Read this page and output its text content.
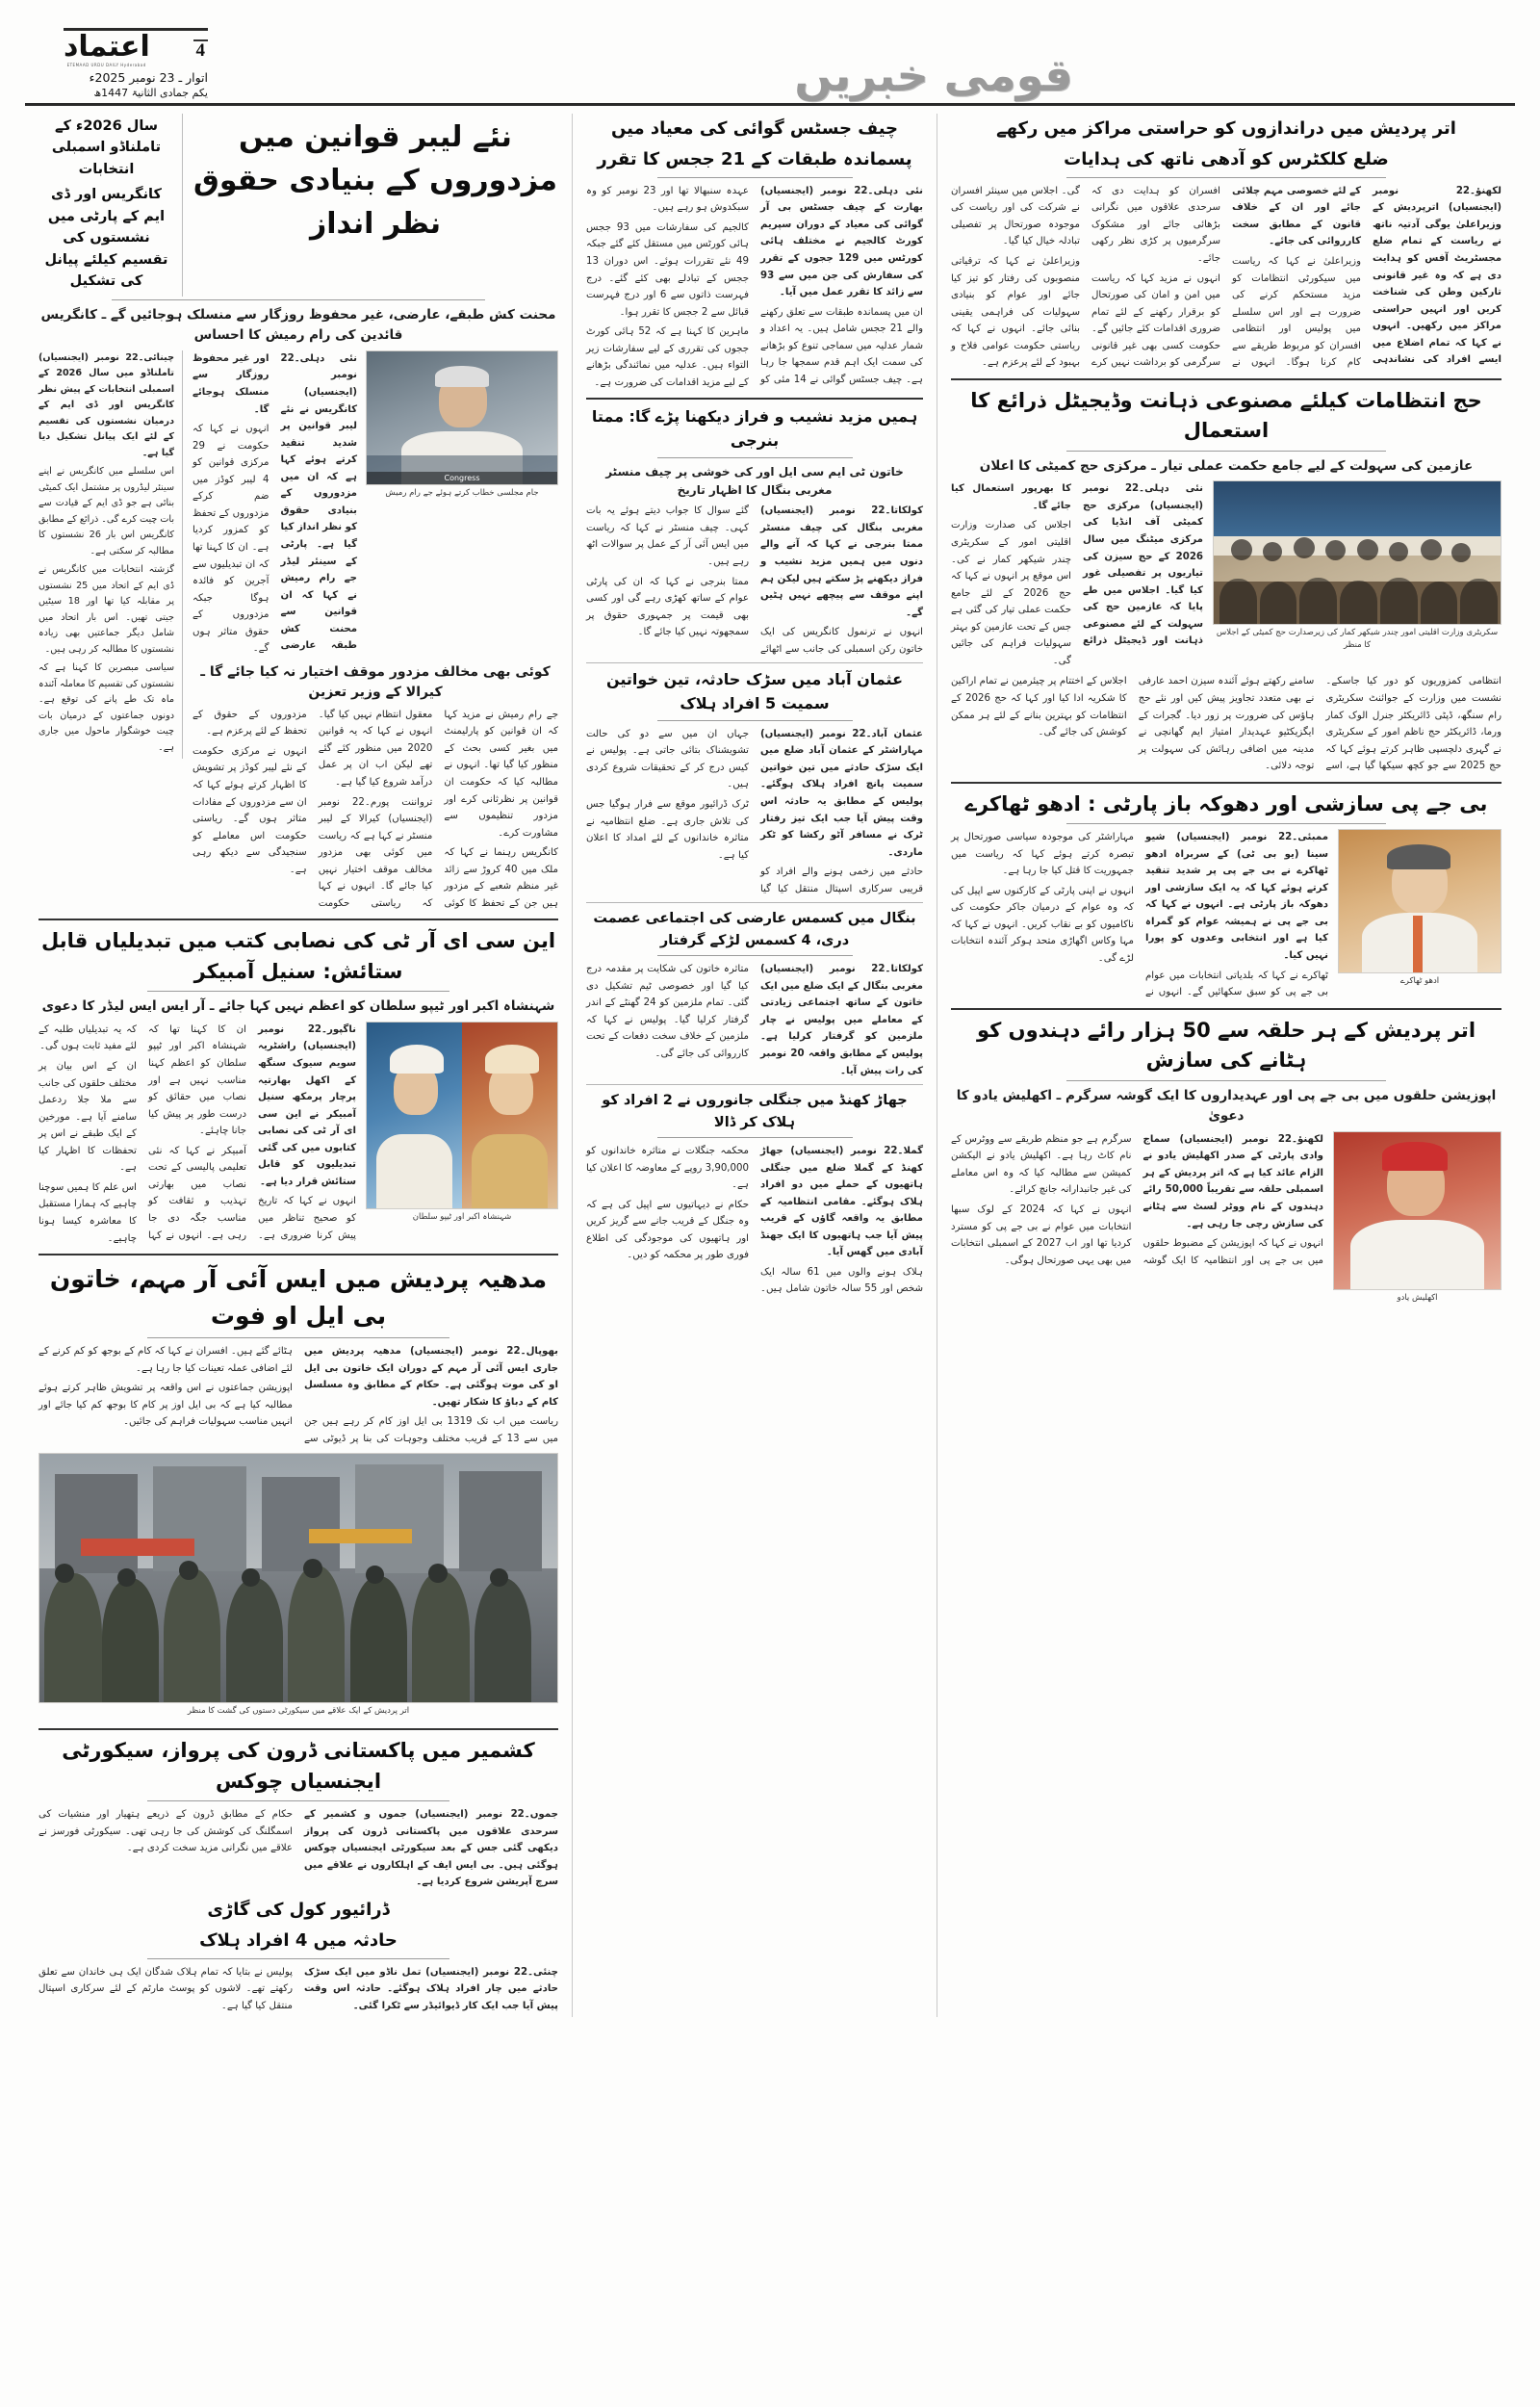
قومی خبریں
اعتماد
ETEMAAD URDU DAILY Hyderabad
4
اتوار ـ 23 نومبر 2025ء
یکم جمادی الثانیۃ 1447ھ
اتر پردیش میں دراندازوں کو حراستی مراکز میں رکھے
ضلع کلکٹرس کو آدھی ناتھ کی ہدایات

لکھنؤ۔22 نومبر (ایجنسیاں) اترپردیش کے وزیراعلیٰ یوگی آدتیہ ناتھ نے ریاست کے تمام ضلع مجسٹریٹ آفس کو ہدایت دی ہے کہ وہ غیر قانونی تارکین وطن کی شناخت کریں اور انہیں حراستی مراکز میں رکھیں۔ انہوں نے کہا کہ تمام اضلاع میں ایسے افراد کی نشاندہی کے لئے خصوصی مہم چلائی جائے اور ان کے خلاف قانون کے مطابق سخت کارروائی کی جائے۔

وزیراعلیٰ نے کہا کہ ریاست میں سیکورٹی انتظامات کو مزید مستحکم کرنے کی ضرورت ہے اور اس سلسلے میں پولیس اور انتظامی افسران کو مربوط طریقے سے کام کرنا ہوگا۔ انہوں نے افسران کو ہدایت دی کہ سرحدی علاقوں میں نگرانی بڑھائی جائے اور مشکوک سرگرمیوں پر کڑی نظر رکھی جائے۔

انہوں نے مزید کہا کہ ریاست میں امن و امان کی صورتحال کو برقرار رکھنے کے لئے تمام ضروری اقدامات کئے جائیں گے۔ حکومت کسی بھی غیر قانونی سرگرمی کو برداشت نہیں کرے گی۔ اجلاس میں سینئر افسران نے شرکت کی اور ریاست کی موجودہ صورتحال پر تفصیلی تبادلہ خیال کیا گیا۔

وزیراعلیٰ نے کہا کہ ترقیاتی منصوبوں کی رفتار کو تیز کیا جائے اور عوام کو بنیادی سہولیات کی فراہمی یقینی بنائی جائے۔ انہوں نے کہا کہ ریاستی حکومت عوامی فلاح و بہبود کے لئے پرعزم ہے۔

حج انتظامات کیلئے مصنوعی ذہانت وڈیجیٹل ذرائع کا استعمال
عازمین کی سہولت کے لیے جامع حکمت عملی تیار ـ مرکزی حج کمیٹی کا اعلان
سکریٹری وزارت اقلیتی امور چندر شیکھر کمار کی زیرصدارت حج کمیٹی کے اجلاس کا منظر

نئی دہلی۔22 نومبر (ایجنسیاں) مرکزی حج کمیٹی آف انڈیا کی مرکزی میٹنگ میں سال 2026 کے حج سیزن کی تیاریوں پر تفصیلی غور کیا گیا۔ اجلاس میں طے پایا کہ عازمین حج کی سہولت کے لئے مصنوعی ذہانت اور ڈیجیٹل ذرائع کا بھرپور استعمال کیا جائے گا۔

اجلاس کی صدارت وزارت اقلیتی امور کے سکریٹری چندر شیکھر کمار نے کی۔ اس موقع پر انہوں نے کہا کہ حج 2026 کے لئے جامع حکمت عملی تیار کی گئی ہے جس کے تحت عازمین کو بہتر سہولیات فراہم کی جائیں گی۔

انتظامی کمزوریوں کو دور کیا جاسکے۔ نشست میں وزارت کے جوائنٹ سکریٹری رام سنگھ، ڈپٹی ڈائریکٹر جنرل الوک کمار ورما، ڈائریکٹر حج ناظم امور کے سکریٹری نے گہری دلچسپی ظاہر کرتے ہوئے کہا کہ حج 2025 سے جو کچھ سیکھا گیا ہے، اسے سامنے رکھتے ہوئے آئندہ سیزن احمد عارفی نے بھی متعدد تجاویز پیش کیں اور نئے حج ہاؤس کی ضرورت پر زور دیا۔ گجرات کے ایگزیکٹیو عہدیدار امتیاز ایم گھانچی نے مدینہ میں اضافی رہائش کی سہولت پر توجہ دلائی۔

اجلاس کے اختتام پر چیئرمین نے تمام اراکین کا شکریہ ادا کیا اور کہا کہ حج 2026 کے انتظامات کو بہترین بنانے کے لئے ہر ممکن کوشش کی جائے گی۔

بی جے پی سازشی اور دھوکہ باز پارٹی : ادھو ٹھاکرے
ادھو ٹھاکرے

ممبئی۔22 نومبر (ایجنسیاں) شیو سینا (یو بی ٹی) کے سربراہ ادھو ٹھاکرے نے بی جے پی پر شدید تنقید کرتے ہوئے کہا کہ یہ ایک سازشی اور دھوکہ باز پارٹی ہے۔ انہوں نے کہا کہ بی جے پی نے ہمیشہ عوام کو گمراہ کیا ہے اور انتخابی وعدوں کو پورا نہیں کیا۔

ٹھاکرے نے کہا کہ بلدیاتی انتخابات میں عوام بی جے پی کو سبق سکھائیں گے۔ انہوں نے مہاراشٹر کی موجودہ سیاسی صورتحال پر تبصرہ کرتے ہوئے کہا کہ ریاست میں جمہوریت کا قتل کیا جا رہا ہے۔

انہوں نے اپنی پارٹی کے کارکنوں سے اپیل کی کہ وہ عوام کے درمیان جاکر حکومت کی ناکامیوں کو بے نقاب کریں۔ انہوں نے کہا کہ مہا وکاس اگھاڑی متحد ہوکر آئندہ انتخابات لڑے گی۔

اتر پردیش کے ہر حلقہ سے 50 ہزار رائے دہندوں کو ہٹانے کی سازش
اپوزیشن حلقوں میں بی جے پی اور عہدیداروں کا ایک گوشہ سرگرم ـ اکھلیش یادو کا دعویٰ
اکھلیش یادو

لکھنؤ۔22 نومبر (ایجنسیاں) سماج وادی پارٹی کے صدر اکھلیش یادو نے الزام عائد کیا ہے کہ اتر پردیش کے ہر اسمبلی حلقہ سے تقریباً 50,000 رائے دہندوں کے نام ووٹر لسٹ سے ہٹانے کی سازش رچی جا رہی ہے۔

انہوں نے کہا کہ اپوزیشن کے مضبوط حلقوں میں بی جے پی اور انتظامیہ کا ایک گوشہ سرگرم ہے جو منظم طریقے سے ووٹرس کے نام کاٹ رہا ہے۔ اکھلیش یادو نے الیکشن کمیشن سے مطالبہ کیا کہ وہ اس معاملے کی غیر جانبدارانہ جانچ کرائے۔

انہوں نے کہا کہ 2024 کے لوک سبھا انتخابات میں عوام نے بی جے پی کو مسترد کردیا تھا اور اب 2027 کے اسمبلی انتخابات میں بھی یہی صورتحال ہوگی۔

چیف جسٹس گوائی کی معیاد میں
پسماندہ طبقات کے 21 ججس کا تقرر

نئی دہلی۔22 نومبر (ایجنسیاں) بھارت کے چیف جسٹس بی آر گوائی کی معیاد کے دوران سپریم کورٹ کالجیم نے مختلف ہائی کورٹس میں 129 ججوں کے تقرر کی سفارش کی جن میں سے 93 سے زائد کا تقرر عمل میں آیا۔

ان میں پسماندہ طبقات سے تعلق رکھنے والے 21 ججس شامل ہیں۔ یہ اعداد و شمار عدلیہ میں سماجی تنوع کو بڑھانے کی سمت ایک اہم قدم سمجھا جا رہا ہے۔ چیف جسٹس گوائی نے 14 مئی کو عہدہ سنبھالا تھا اور 23 نومبر کو وہ سبکدوش ہو رہے ہیں۔

کالجیم کی سفارشات میں 93 ججس ہائی کورٹس میں مستقل کئے گئے جبکہ 49 نئے تقررات ہوئے۔ اس دوران 13 ججس کے تبادلے بھی کئے گئے۔ درج فہرست ذاتوں سے 6 اور درج فہرست قبائل سے 2 ججس کا تقرر ہوا۔

ماہرین کا کہنا ہے کہ 52 ہائی کورٹ ججوں کی تقرری کے لیے سفارشات زیر التواء ہیں۔ عدلیہ میں نمائندگی بڑھانے کے لیے مزید اقدامات کی ضرورت ہے۔

ہمیں مزید نشیب و فراز دیکھنا پڑے گا: ممتا بنرجی
خاتون ٹی ایم سی ایل اور کی خوشی پر چیف منسٹر مغربی بنگال کا اظہار تاریخ

کولکاتا۔22 نومبر (ایجنسیاں) مغربی بنگال کی چیف منسٹر ممتا بنرجی نے کہا کہ آنے والے دنوں میں ہمیں مزید نشیب و فراز دیکھنے پڑ سکتے ہیں لیکن ہم اپنے موقف سے پیچھے نہیں ہٹیں گے۔

انہوں نے ترنمول کانگریس کی ایک خاتون رکن اسمبلی کی جانب سے اٹھائے گئے سوال کا جواب دیتے ہوئے یہ بات کہی۔ چیف منسٹر نے کہا کہ ریاست میں ایس آئی آر کے عمل پر سوالات اٹھ رہے ہیں۔

ممتا بنرجی نے کہا کہ ان کی پارٹی عوام کے ساتھ کھڑی رہے گی اور کسی بھی قیمت پر جمہوری حقوق پر سمجھوتہ نہیں کیا جائے گا۔

عثمان آباد میں سڑک حادثہ، تین خواتین سمیت 5 افراد ہلاک

عثمان آباد۔22 نومبر (ایجنسیاں) مہاراشٹر کے عثمان آباد ضلع میں ایک سڑک حادثے میں تین خواتین سمیت پانچ افراد ہلاک ہوگئے۔ پولیس کے مطابق یہ حادثہ اس وقت پیش آیا جب ایک تیز رفتار ٹرک نے مسافر آٹو رکشا کو ٹکر ماردی۔

حادثے میں زخمی ہونے والے افراد کو قریبی سرکاری اسپتال منتقل کیا گیا جہاں ان میں سے دو کی حالت تشویشناک بتائی جاتی ہے۔ پولیس نے کیس درج کر کے تحقیقات شروع کردی ہیں۔

ٹرک ڈرائیور موقع سے فرار ہوگیا جس کی تلاش جاری ہے۔ ضلع انتظامیہ نے متاثرہ خاندانوں کے لئے امداد کا اعلان کیا ہے۔

بنگال میں کسمس عارضی کی اجتماعی عصمت دری، 4 کسمس لڑکے گرفتار

کولکاتا۔22 نومبر (ایجنسیاں) مغربی بنگال کے ایک ضلع میں ایک خاتون کے ساتھ اجتماعی زیادتی کے معاملے میں پولیس نے چار ملزمین کو گرفتار کرلیا ہے۔ پولیس کے مطابق واقعہ 20 نومبر کی رات پیش آیا۔

متاثرہ خاتون کی شکایت پر مقدمہ درج کیا گیا اور خصوصی ٹیم تشکیل دی گئی۔ تمام ملزمین کو 24 گھنٹے کے اندر گرفتار کرلیا گیا۔ پولیس نے کہا کہ ملزمین کے خلاف سخت دفعات کے تحت کارروائی کی جائے گی۔

جھاڑ کھنڈ میں جنگلی جانوروں نے 2 افراد کو ہلاک کر ڈالا

گملا۔22 نومبر (ایجنسیاں) جھاڑ کھنڈ کے گملا ضلع میں جنگلی ہاتھیوں کے حملے میں دو افراد ہلاک ہوگئے۔ مقامی انتظامیہ کے مطابق یہ واقعہ گاؤں کے قریب پیش آیا جب ہاتھیوں کا ایک جھنڈ آبادی میں گھس آیا۔

ہلاک ہونے والوں میں 61 سالہ ایک شخص اور 55 سالہ خاتون شامل ہیں۔ محکمہ جنگلات نے متاثرہ خاندانوں کو 3,90,000 روپے کے معاوضہ کا اعلان کیا ہے۔

حکام نے دیہاتیوں سے اپیل کی ہے کہ وہ جنگل کے قریب جانے سے گریز کریں اور ہاتھیوں کی موجودگی کی اطلاع فوری طور پر محکمہ کو دیں۔

نئے لیبر قوانین میں مزدوروں کے بنیادی حقوق نظر انداز
سال 2026ء کے تاملناڈو اسمبلی انتخابات
کانگریس اور ڈی ایم کے پارٹی میں نشستوں کی تقسیم کیلئے پیانل کی تشکیل
محنت کش طبقے، عارضی، غیر محفوظ روزگار سے منسلک ہوجائیں گے ـ کانگریس قائدین کی رام رمیش کا احساس
Congress
جام مجلسی خطاب کرتے ہوئے جے رام رمیش

نئی دہلی۔22 نومبر (ایجنسیاں) کانگریس نے نئے لیبر قوانین پر شدید تنقید کرتے ہوئے کہا ہے کہ ان میں مزدوروں کے بنیادی حقوق کو نظر انداز کیا گیا ہے۔ پارٹی کے سینئر لیڈر جے رام رمیش نے کہا کہ ان قوانین سے محنت کش طبقہ عارضی اور غیر محفوظ روزگار سے منسلک ہوجائے گا۔

انہوں نے کہا کہ حکومت نے 29 مرکزی قوانین کو 4 لیبر کوڈز میں ضم کرکے مزدوروں کے تحفظ کو کمزور کردیا ہے۔ ان کا کہنا تھا کہ ان تبدیلیوں سے آجرین کو فائدہ ہوگا جبکہ مزدوروں کے حقوق متاثر ہوں گے۔

کوئی بھی مخالف مزدور موقف اختیار نہ کیا جائے گا ـ کیرالا کے وزیر تعزین

جے رام رمیش نے مزید کہا کہ ان قوانین کو پارلیمنٹ میں بغیر کسی بحث کے منظور کیا گیا تھا۔ انہوں نے مطالبہ کیا کہ حکومت ان قوانین پر نظرثانی کرے اور مزدور تنظیموں سے مشاورت کرے۔

کانگریس رہنما نے کہا کہ ملک میں 40 کروڑ سے زائد غیر منظم شعبے کے مزدور ہیں جن کے تحفظ کا کوئی معقول انتظام نہیں کیا گیا۔ انہوں نے کہا کہ یہ قوانین 2020 میں منظور کئے گئے تھے لیکن اب ان پر عمل درآمد شروع کیا گیا ہے۔

ترواننت پورم۔22 نومبر (ایجنسیاں) کیرالا کے لیبر منسٹر نے کہا ہے کہ ریاست میں کوئی بھی مزدور مخالف موقف اختیار نہیں کیا جائے گا۔ انہوں نے کہا کہ ریاستی حکومت مزدوروں کے حقوق کے تحفظ کے لئے پرعزم ہے۔

انہوں نے مرکزی حکومت کے نئے لیبر کوڈز پر تشویش کا اظہار کرتے ہوئے کہا کہ ان سے مزدوروں کے مفادات متاثر ہوں گے۔ ریاستی حکومت اس معاملے کو سنجیدگی سے دیکھ رہی ہے۔

چینائی۔22 نومبر (ایجنسیاں) تاملناڈو میں سال 2026 کے اسمبلی انتخابات کے پیش نظر کانگریس اور ڈی ایم کے درمیان نشستوں کی تقسیم کے لئے ایک پیانل تشکیل دیا گیا ہے۔

اس سلسلے میں کانگریس نے اپنے سینئر لیڈروں پر مشتمل ایک کمیٹی بنائی ہے جو ڈی ایم کے قیادت سے بات چیت کرے گی۔ ذرائع کے مطابق کانگریس اس بار 26 نشستوں کا مطالبہ کر سکتی ہے۔

گزشتہ انتخابات میں کانگریس نے ڈی ایم کے اتحاد میں 25 نشستوں پر مقابلہ کیا تھا اور 18 سیٹیں جیتی تھیں۔ اس بار اتحاد میں شامل دیگر جماعتیں بھی زیادہ نشستوں کا مطالبہ کر رہی ہیں۔

سیاسی مبصرین کا کہنا ہے کہ نشستوں کی تقسیم کا معاملہ آئندہ ماہ تک طے پانے کی توقع ہے۔ دونوں جماعتوں کے درمیان بات چیت خوشگوار ماحول میں جاری ہے۔

این سی ای آر ٹی کی نصابی کتب میں تبدیلیاں قابل ستائش: سنیل آمبیکر
شہنشاہ اکبر اور ٹیپو سلطان کو اعظم نہیں کہا جائے ـ آر ایس ایس لیڈر کا دعوی
شہنشاہ اکبر اور ٹیپو سلطان

ناگپور۔22 نومبر (ایجنسیاں) راشٹریہ سویم سیوک سنگھ کے اکھل بھارتیہ پرچار پرمکھ سنیل آمبیکر نے این سی ای آر ٹی کی نصابی کتابوں میں کی گئی تبدیلیوں کو قابل ستائش قرار دیا ہے۔

انہوں نے کہا کہ تاریخ کو صحیح تناظر میں پیش کرنا ضروری ہے۔ ان کا کہنا تھا کہ شہنشاہ اکبر اور ٹیپو سلطان کو اعظم کہنا مناسب نہیں ہے اور نصاب میں حقائق کو درست طور پر پیش کیا جانا چاہئے۔

آمبیکر نے کہا کہ نئی تعلیمی پالیسی کے تحت نصاب میں بھارتی تہذیب و ثقافت کو مناسب جگہ دی جا رہی ہے۔ انہوں نے کہا کہ یہ تبدیلیاں طلبہ کے لئے مفید ثابت ہوں گی۔

ان کے اس بیان پر مختلف حلقوں کی جانب سے ملا جلا ردعمل سامنے آیا ہے۔ مورخین کے ایک طبقے نے اس پر تحفظات کا اظہار کیا ہے۔

اس علم کا ہمیں سوچنا چاہیے کہ ہمارا مستقبل کا معاشرہ کیسا ہونا چاہیے۔

مدھیہ پردیش میں ایس آئی آر مہم، خاتون بی ایل او فوت

بھوپال۔22 نومبر (ایجنسیاں) مدھیہ پردیش میں جاری ایس آئی آر مہم کے دوران ایک خاتون بی ایل او کی موت ہوگئی ہے۔ حکام کے مطابق وہ مسلسل کام کے دباؤ کا شکار تھیں۔

ریاست میں اب تک 1319 بی ایل اوز کام کر رہے ہیں جن میں سے 13 کے قریب مختلف وجوہات کی بنا پر ڈیوٹی سے ہٹائے گئے ہیں۔ افسران نے کہا کہ کام کے بوجھ کو کم کرنے کے لئے اضافی عملہ تعینات کیا جا رہا ہے۔

اپوزیشن جماعتوں نے اس واقعہ پر تشویش ظاہر کرتے ہوئے مطالبہ کیا ہے کہ بی ایل اوز پر کام کا بوجھ کم کیا جائے اور انہیں مناسب سہولیات فراہم کی جائیں۔

اتر پردیش کے ایک علاقے میں سیکورٹی دستوں کی گشت کا منظر
کشمیر میں پاکستانی ڈرون کی پرواز، سیکورٹی ایجنسیاں چوکس

جموں۔22 نومبر (ایجنسیاں) جموں و کشمیر کے سرحدی علاقوں میں پاکستانی ڈرون کی پرواز دیکھی گئی جس کے بعد سیکورٹی ایجنسیاں چوکس ہوگئی ہیں۔ بی ایس ایف کے اہلکاروں نے علاقے میں سرچ آپریشن شروع کردیا ہے۔

حکام کے مطابق ڈرون کے ذریعے ہتھیار اور منشیات کی اسمگلنگ کی کوشش کی جا رہی تھی۔ سیکورٹی فورسز نے علاقے میں نگرانی مزید سخت کردی ہے۔

ڈرائیور کول کی گاڑی
حادثہ میں 4 افراد ہلاک

چنئی۔22 نومبر (ایجنسیاں) تمل ناڈو میں ایک سڑک حادثے میں چار افراد ہلاک ہوگئے۔ حادثہ اس وقت پیش آیا جب ایک کار ڈیوائیڈر سے ٹکرا گئی۔

پولیس نے بتایا کہ تمام ہلاک شدگان ایک ہی خاندان سے تعلق رکھتے تھے۔ لاشوں کو پوسٹ مارٹم کے لئے سرکاری اسپتال منتقل کیا گیا ہے۔
